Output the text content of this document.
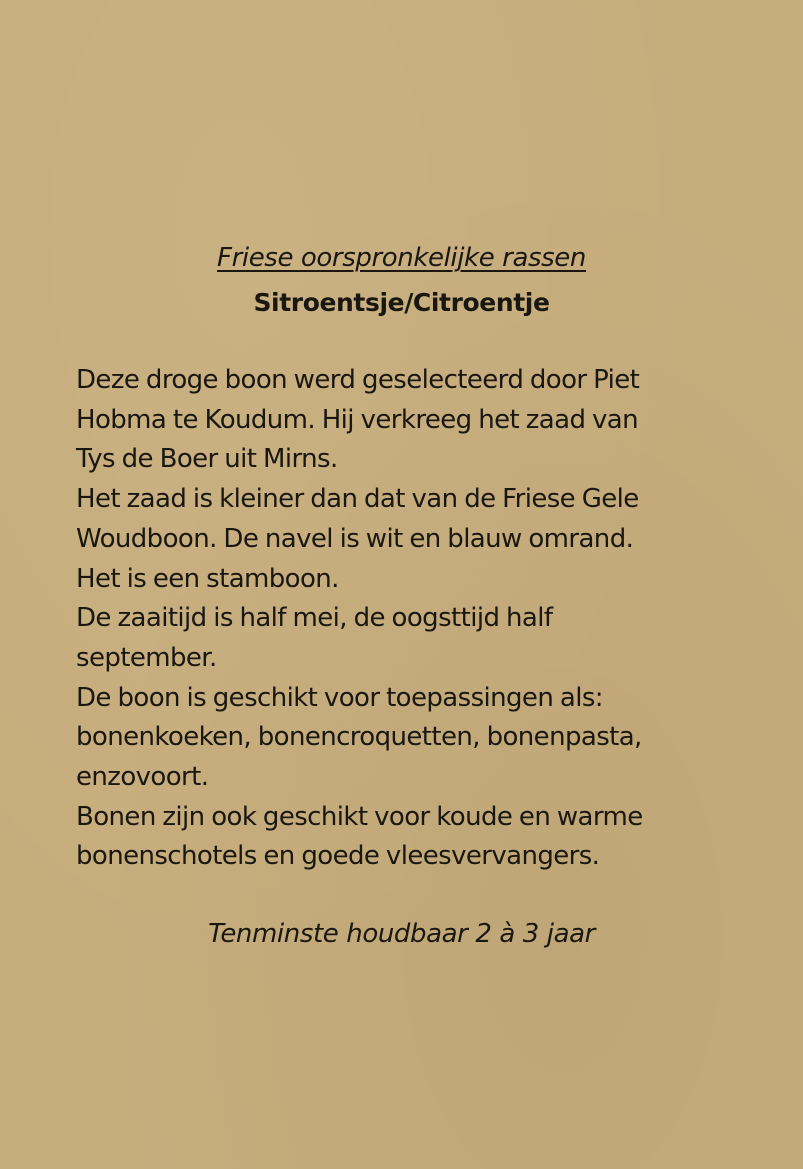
Friese oorspronkelijke rassen
Sitroentsje/Citroentje
Deze droge boon werd geselecteerd door Piet
Hobma te Koudum. Hij verkreeg het zaad van
Tys de Boer uit Mirns.
Het zaad is kleiner dan dat van de Friese Gele
Woudboon. De navel is wit en blauw omrand.
Het is een stamboon.
De zaaitijd is half mei, de oogsttijd half
september.
De boon is geschikt voor toepassingen als:
bonenkoeken, bonencroquetten, bonenpasta,
enzovoort.
Bonen zijn ook geschikt voor koude en warme
bonenschotels en goede vleesvervangers.
Tenminste houdbaar 2 à 3 jaar
